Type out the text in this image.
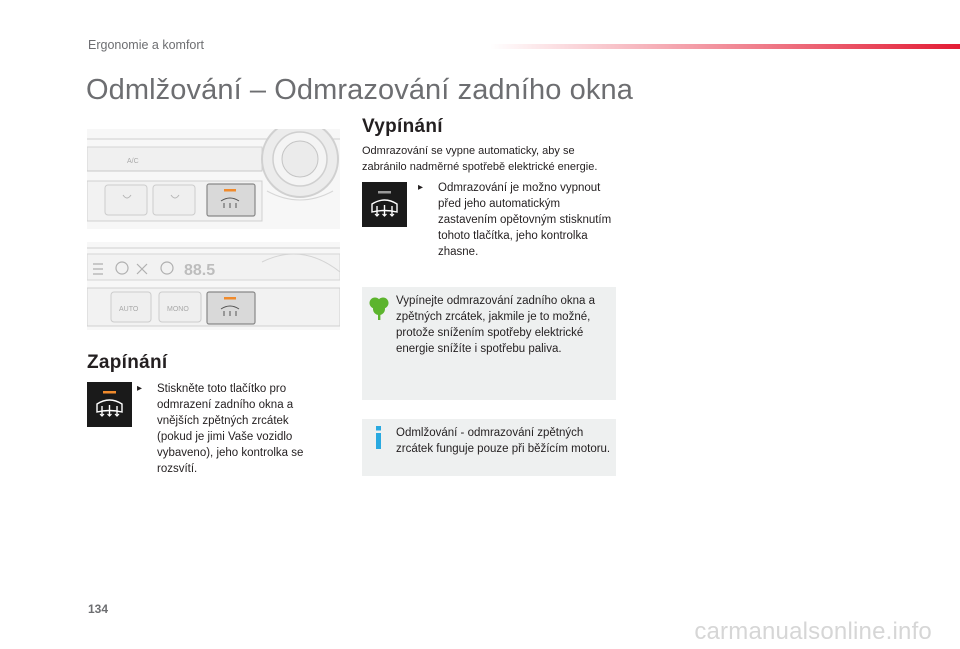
Ergonomie a komfort
Odmlžování – Odmrazování zadního okna
A/C
88.5
AUTO	MONO
Zapínání
▸	Stiskněte toto tlačítko pro odmrazení zadního okna a vnějších zpětných zrcátek (pokud je jimi Vaše vozidlo vybaveno), jeho kontrolka se rozsvítí.
Vypínání
Odmrazování se vypne automaticky, aby se zabránilo nadměrné spotřebě elektrické energie.
▸	Odmrazování je možno vypnout před jeho automatickým zastavením opětovným stisknutím tohoto tlačítka, jeho kontrolka zhasne.
Vypínejte odmrazování zadního okna a zpětných zrcátek, jakmile je to možné, protože snížením spotřeby elektrické energie snížíte i spotřebu paliva.
Odmlžování - odmrazování zpětných zrcátek funguje pouze při běžícím motoru.
134
carmanualsonline.info
